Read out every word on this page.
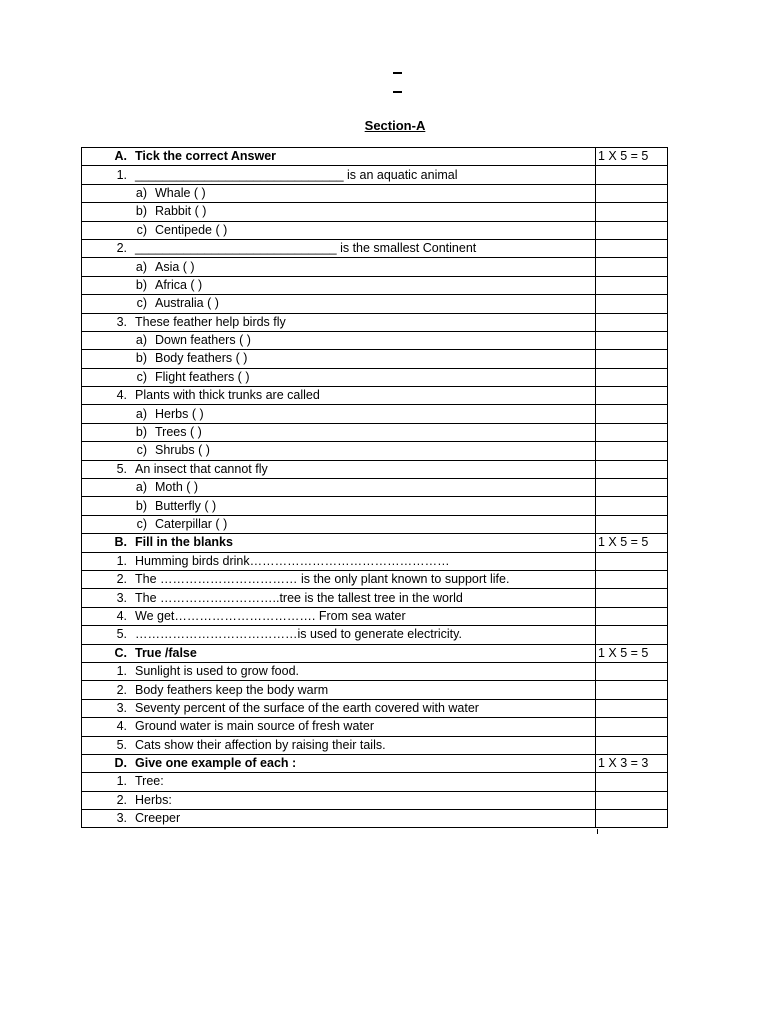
Section-A
A. Tick the correct Answer	1 X 5 = 5
1. ______________________________ is an aquatic animal	
a) Whale ( )	
b) Rabbit ( )	
c) Centipede ( )	
2. _____________________________ is the smallest Continent	
a) Asia ( )	
b) Africa ( )	
c) Australia ( )	
3. These feather help birds fly	
a) Down feathers ( )	
b) Body feathers ( )	
c) Flight feathers ( )	
4. Plants with thick trunks are called	
a) Herbs ( )	
b) Trees ( )	
c) Shrubs ( )	
5. An insect that cannot fly	
a) Moth ( )	
b) Butterfly ( )	
c) Caterpillar ( )	
B. Fill in the blanks	1 X 5 = 5
1. Humming birds drink…………………………………………	
2. The …………………………… is the only plant known to support life.	
3. The ………………………..tree is the tallest tree in the world	
4. We get……………………………. From sea water	
5. …………………………………is used to generate electricity.	
C. True /false	1 X 5 = 5
1. Sunlight is used to grow food.	
2. Body feathers keep the body warm	
3. Seventy percent of the surface of the earth covered with water	
4. Ground water is main source of fresh water	
5. Cats show their affection by raising their tails.	
D. Give one example of each :	1 X 3 = 3
1. Tree:	
2. Herbs:	
3. Creeper	
